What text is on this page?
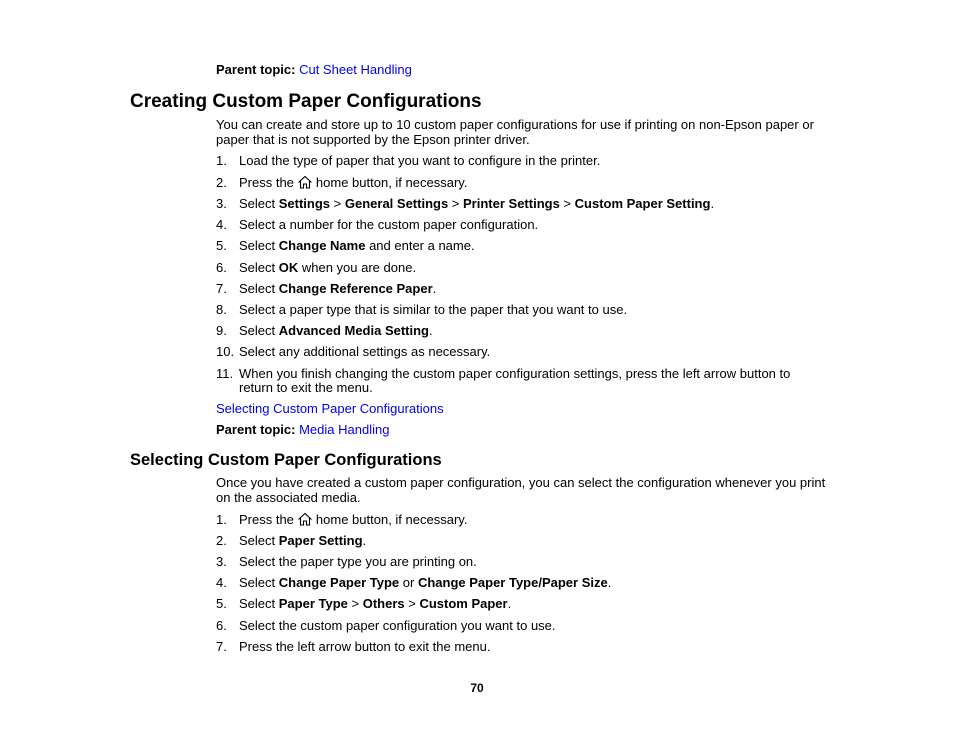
Parent topic: Cut Sheet Handling
Creating Custom Paper Configurations
You can create and store up to 10 custom paper configurations for use if printing on non-Epson paper or paper that is not supported by the Epson printer driver.
1. Load the type of paper that you want to configure in the printer.
2. Press the home button, if necessary.
3. Select Settings > General Settings > Printer Settings > Custom Paper Setting.
4. Select a number for the custom paper configuration.
5. Select Change Name and enter a name.
6. Select OK when you are done.
7. Select Change Reference Paper.
8. Select a paper type that is similar to the paper that you want to use.
9. Select Advanced Media Setting.
10. Select any additional settings as necessary.
11. When you finish changing the custom paper configuration settings, press the left arrow button to
return to exit the menu.
Selecting Custom Paper Configurations
Parent topic: Media Handling
Selecting Custom Paper Configurations
Once you have created a custom paper configuration, you can select the configuration whenever you print on the associated media.
1. Press the home button, if necessary.
2. Select Paper Setting.
3. Select the paper type you are printing on.
4. Select Change Paper Type or Change Paper Type/Paper Size.
5. Select Paper Type > Others > Custom Paper.
6. Select the custom paper configuration you want to use.
7. Press the left arrow button to exit the menu.
70
